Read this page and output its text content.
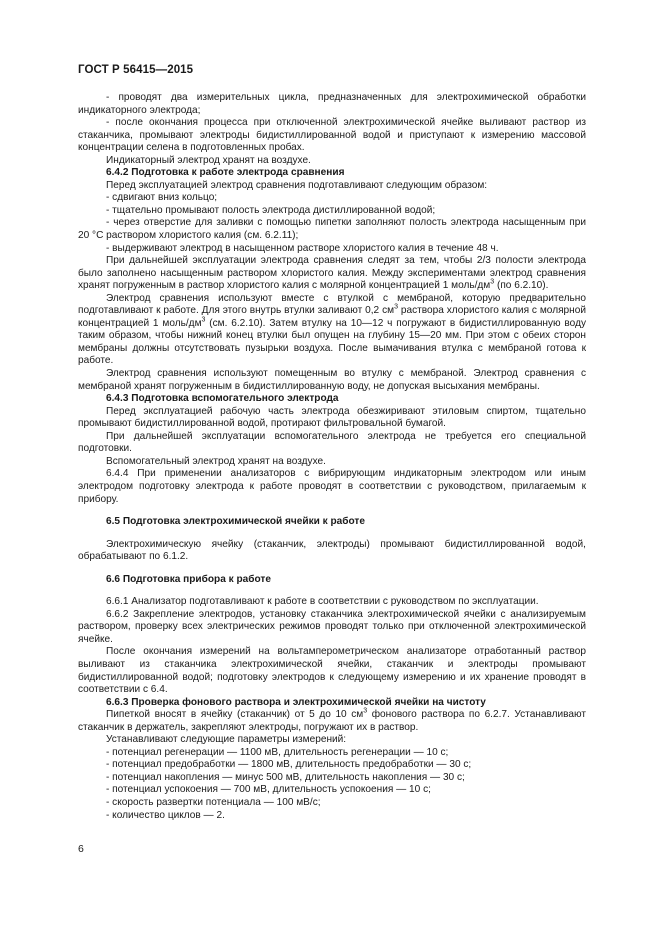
ГОСТ Р 56415—2015

- проводят два измерительных цикла, предназначенных для электрохимической обработки индикаторного электрода;

- после окончания процесса при отключенной электрохимической ячейке выливают раствор из стаканчика, промывают электроды бидистиллированной водой и приступают к измерению массовой концентрации селена в подготовленных пробах.

Индикаторный электрод хранят на воздухе.

6.4.2 Подготовка к работе электрода сравнения

Перед эксплуатацией электрод сравнения подготавливают следующим образом:

- сдвигают вниз кольцо;

- тщательно промывают полость электрода дистиллированной водой;

- через отверстие для заливки с помощью пипетки заполняют полость электрода насыщенным при 20 °С раствором хлористого калия (см. 6.2.11);

- выдерживают электрод в насыщенном растворе хлористого калия в течение 48 ч.

При дальнейшей эксплуатации электрода сравнения следят за тем, чтобы 2/3 полости электрода было заполнено насыщенным раствором хлористого калия. Между экспериментами электрод сравнения хранят погруженным в раствор хлористого калия с молярной концентрацией 1 моль/$дм^3$ (по 6.2.10).

Электрод сравнения используют вместе с втулкой с мембраной, которую предварительно подготавливают к работе. Для этого внутрь втулки заливают 0,2 $см^3$ раствора хлористого калия с молярной концентрацией 1 моль/$дм^3$ (см. 6.2.10). Затем втулку на 10—12 ч погружают в бидистиллированную воду таким образом, чтобы нижний конец втулки был опущен на глубину 15—20 мм. При этом с обеих сторон мембраны должны отсутствовать пузырьки воздуха. После вымачивания втулка с мембраной готова к работе.

Электрод сравнения используют помещенным во втулку с мембраной. Электрод сравнения с мембраной хранят погруженным в бидистиллированную воду, не допуская высыхания мембраны.

6.4.3 Подготовка вспомогательного электрода

Перед эксплуатацией рабочую часть электрода обезжиривают этиловым спиртом, тщательно промывают бидистиллированной водой, протирают фильтровальной бумагой.

При дальнейшей эксплуатации вспомогательного электрода не требуется его специальной подготовки.

Вспомогательный электрод хранят на воздухе.

6.4.4 При применении анализаторов с вибрирующим индикаторным электродом или иным электродом подготовку электрода к работе проводят в соответствии с руководством, прилагаемым к прибору.

6.5 Подготовка электрохимической ячейки к работе

Электрохимическую ячейку (стаканчик, электроды) промывают бидистиллированной водой, обрабатывают по 6.1.2.

6.6 Подготовка прибора к работе

6.6.1 Анализатор подготавливают к работе в соответствии с руководством по эксплуатации.

6.6.2 Закрепление электродов, установку стаканчика электрохимической ячейки с анализируемым раствором, проверку всех электрических режимов проводят только при отключенной электрохимической ячейке.

После окончания измерений на вольтамперометрическом анализаторе отработанный раствор выливают из стаканчика электрохимической ячейки, стаканчик и электроды промывают бидистиллированной водой; подготовку электродов к следующему измерению и их хранение проводят в соответствии с 6.4.

6.6.3 Проверка фонового раствора и электрохимической ячейки на чистоту

Пипеткой вносят в ячейку (стаканчик) от 5 до 10 $см^3$ фонового раствора по 6.2.7. Устанавливают стаканчик в держатель, закрепляют электроды, погружают их в раствор.

Устанавливают следующие параметры измерений:

- потенциал регенерации — 1100 мВ, длительность регенерации — 10 с;

- потенциал предобработки — 1800 мВ, длительность предобработки — 30 с;

- потенциал накопления — минус 500 мВ, длительность накопления — 30 с;

- потенциал успокоения — 700 мВ, длительность успокоения — 10 с;

- скорость развертки потенциала — 100 мВ/с;

- количество циклов — 2.

6
